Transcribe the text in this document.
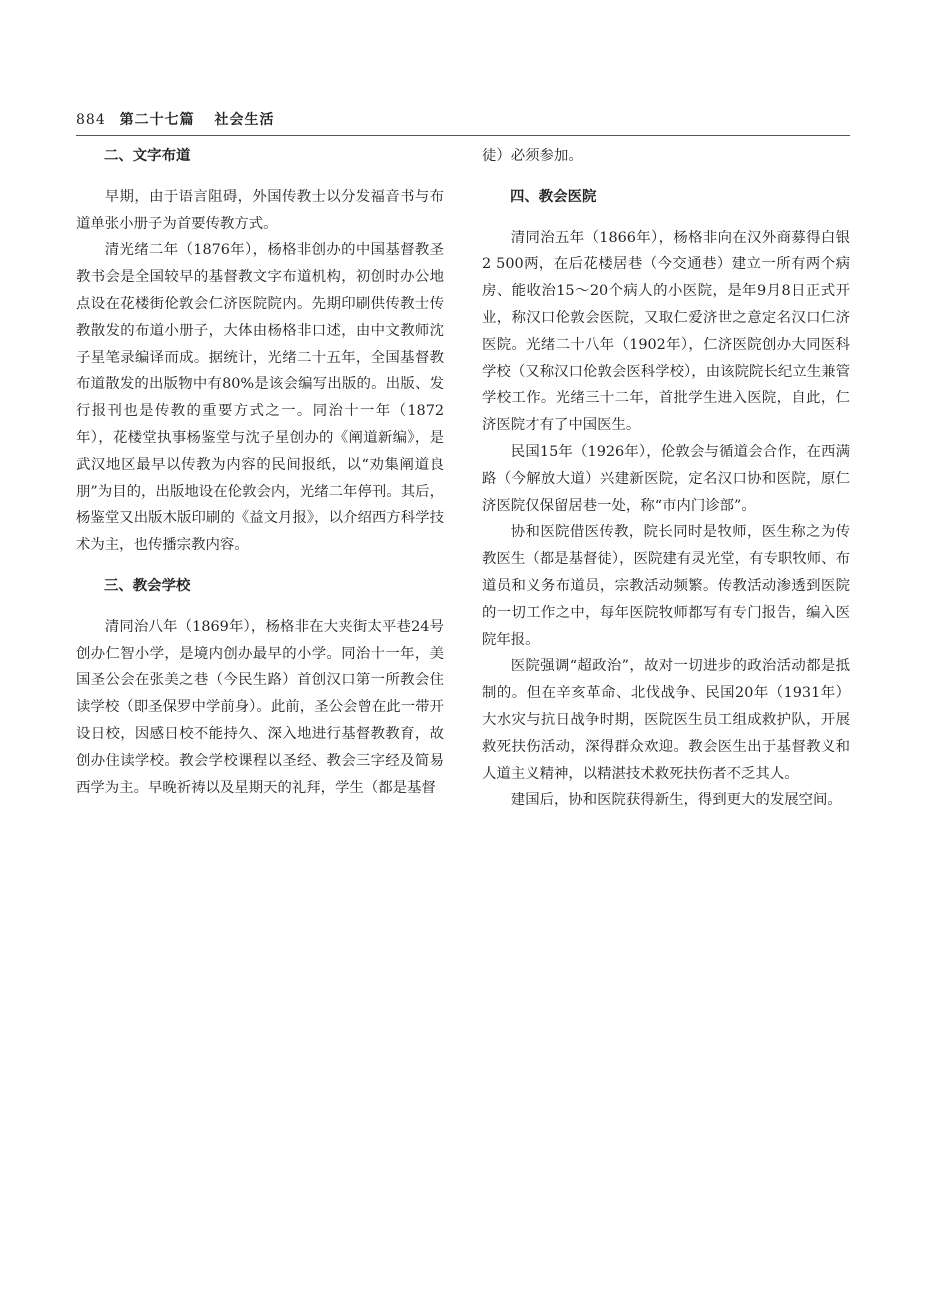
884 第二十七篇 社会生活
二、文字布道

早期，由于语言阻碍，外国传教士以分发福音书与布道单张小册子为首要传教方式。

清光绪二年（1876年），杨格非创办的中国基督教圣教书会是全国较早的基督教文字布道机构，初创时办公地点设在花楼街伦敦会仁济医院院内。先期印刷供传教士传教散发的布道小册子，大体由杨格非口述，由中文教师沈子星笔录编译而成。据统计，光绪二十五年，全国基督教布道散发的出版物中有80%是该会编写出版的。出版、发行报刊也是传教的重要方式之一。同治十一年（1872年），花楼堂执事杨鉴堂与沈子星创办的《阐道新编》，是武汉地区最早以传教为内容的民间报纸，以“劝集阐道良朋”为目的，出版地设在伦敦会内，光绪二年停刊。其后，杨鉴堂又出版木版印刷的《益文月报》，以介绍西方科学技术为主，也传播宗教内容。

三、教会学校

清同治八年（1869年），杨格非在大夹街太平巷24号创办仁智小学，是境内创办最早的小学。同治十一年，美国圣公会在张美之巷（今民生路）首创汉口第一所教会住读学校（即圣保罗中学前身）。此前，圣公会曾在此一带开设日校，因感日校不能持久、深入地进行基督教教育，故创办住读学校。教会学校课程以圣经、教会三字经及简易西学为主。早晚祈祷以及星期天的礼拜，学生（都是基督

徒）必须参加。

四、教会医院

清同治五年（1866年），杨格非向在汉外商募得白银2 500两，在后花楼居巷（今交通巷）建立一所有两个病房、能收治15～20个病人的小医院，是年9月8日正式开业，称汉口伦敦会医院，又取仁爱济世之意定名汉口仁济医院。光绪二十八年（1902年），仁济医院创办大同医科学校（又称汉口伦敦会医科学校），由该院院长纪立生兼管学校工作。光绪三十二年，首批学生进入医院，自此，仁济医院才有了中国医生。

民国15年（1926年），伦敦会与循道会合作，在西满路（今解放大道）兴建新医院，定名汉口协和医院，原仁济医院仅保留居巷一处，称“市内门诊部”。

协和医院借医传教，院长同时是牧师，医生称之为传教医生（都是基督徒），医院建有灵光堂，有专职牧师、布道员和义务布道员，宗教活动频繁。传教活动渗透到医院的一切工作之中，每年医院牧师都写有专门报告，编入医院年报。

医院强调“超政治”，故对一切进步的政治活动都是抵制的。但在辛亥革命、北伐战争、民国20年（1931年）大水灾与抗日战争时期，医院医生员工组成救护队，开展救死扶伤活动，深得群众欢迎。教会医生出于基督教义和人道主义精神，以精湛技术救死扶伤者不乏其人。

建国后，协和医院获得新生，得到更大的发展空间。
